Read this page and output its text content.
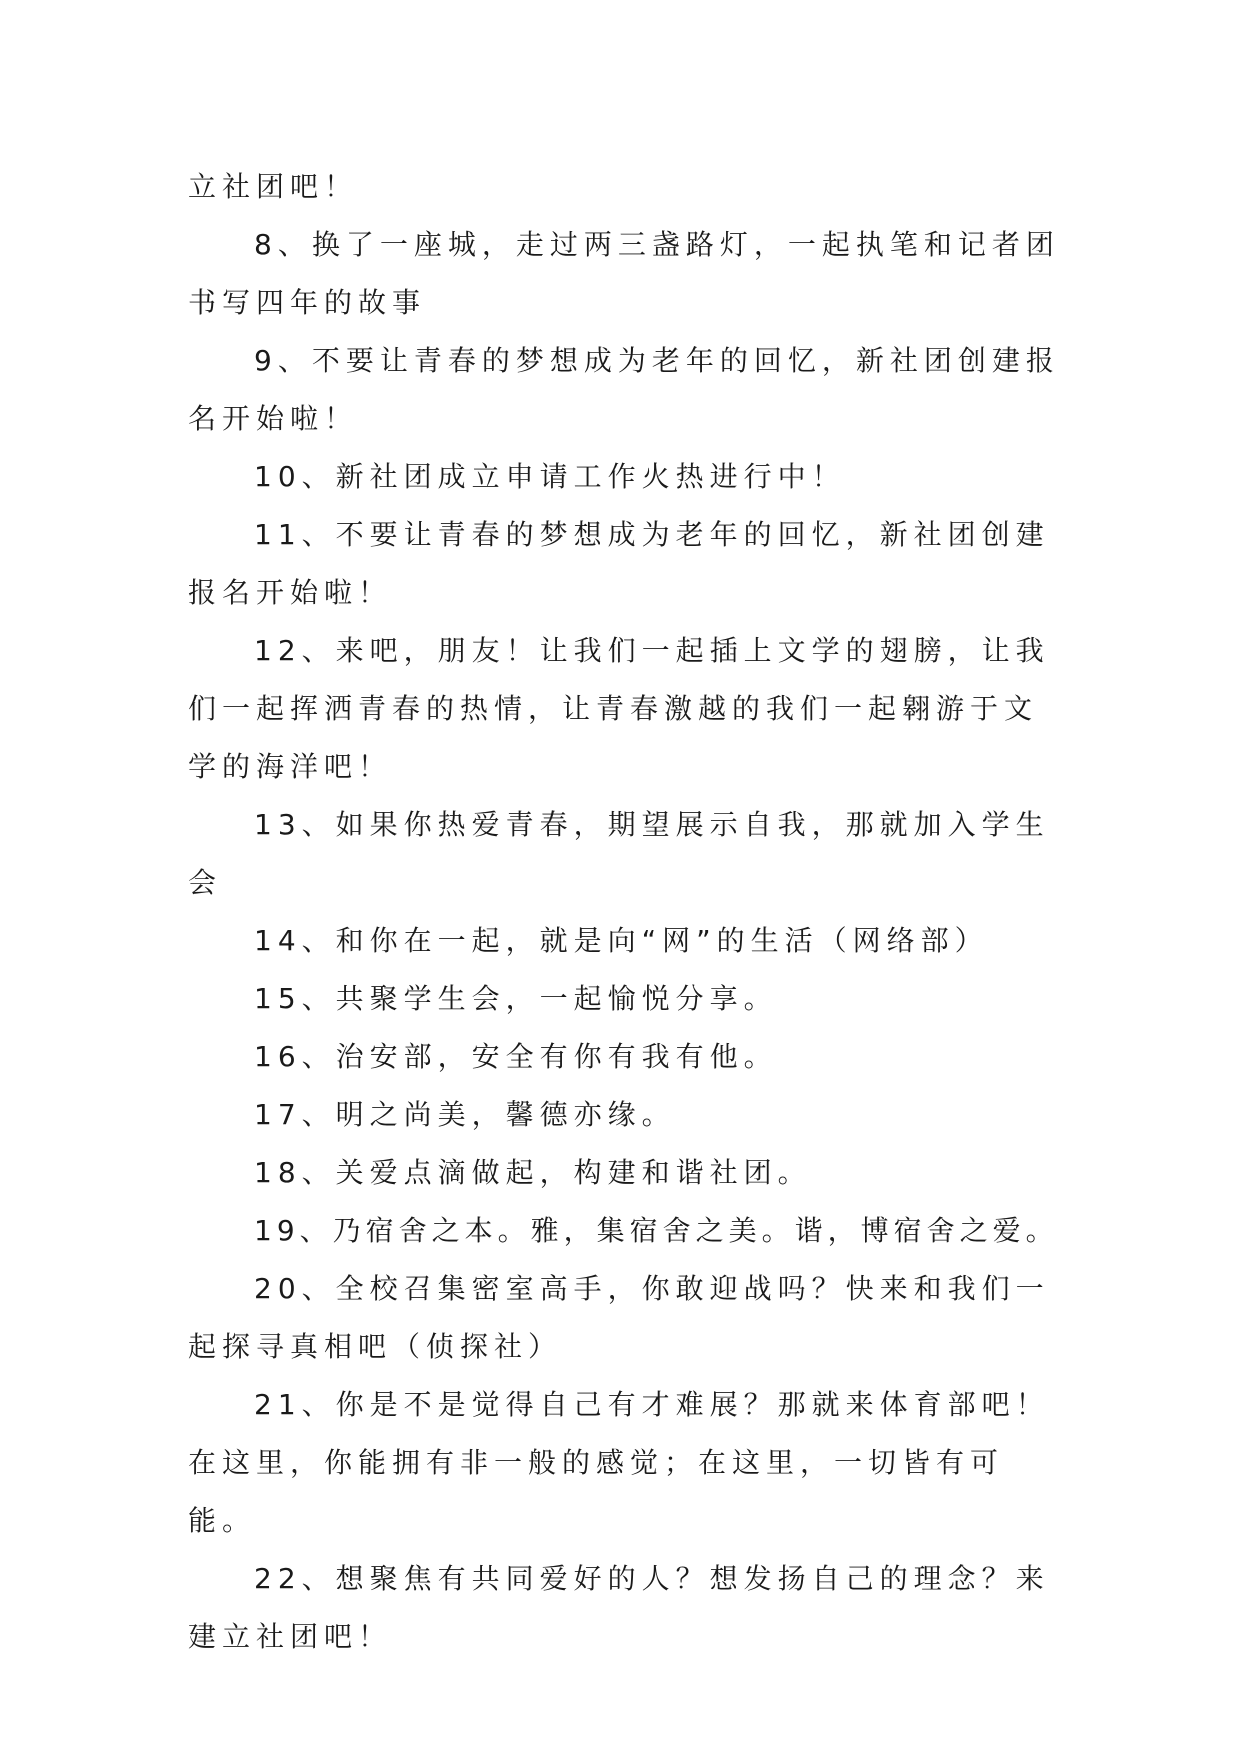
立社团吧！

8、换了一座城，走过两三盏路灯，一起执笔和记者团书写四年的故事

9、不要让青春的梦想成为老年的回忆，新社团创建报名开始啦！

10、新社团成立申请工作火热进行中！

11、不要让青春的梦想成为老年的回忆，新社团创建报名开始啦！

12、来吧，朋友！让我们一起插上文学的翅膀，让我们一起挥洒青春的热情，让青春激越的我们一起翱游于文学的海洋吧！

13、如果你热爱青春，期望展示自我，那就加入学生会

14、和你在一起，就是向“网”的生活（网络部）

15、共聚学生会，一起愉悦分享。

16、治安部，安全有你有我有他。

17、明之尚美，馨德亦缘。

18、关爱点滴做起，构建和谐社团。

19、乃宿舍之本。雅，集宿舍之美。谐，博宿舍之爱。

20、全校召集密室高手，你敢迎战吗？快来和我们一起探寻真相吧（侦探社）

21、你是不是觉得自己有才难展？那就来体育部吧！在这里，你能拥有非一般的感觉；在这里，一切皆有可能。

22、想聚焦有共同爱好的人？想发扬自己的理念？来建立社团吧！
